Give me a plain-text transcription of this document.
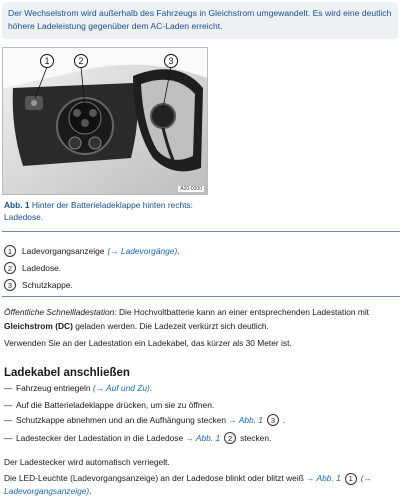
Der Wechselstrom wird außerhalb des Fahrzeugs in Gleichstrom umgewandelt. Es wird eine deutlich höhere Ladeleistung gegenüber dem AC-Laden erreicht.
1	2	3
A20-0300
Abb. 1 Hinter der Batterieladeklappe hinten rechts: Ladedose.
1	Ladevorgangsanzeige (→ Ladevorgänge) .
2	Ladedose.
3	Schutzkappe.
Öffentliche Schnellladestation: Die Hochvoltbatterie kann an einer entsprechenden Ladestation mit Gleichstrom (DC) geladen werden. Die Ladezeit verkürzt sich deutlich.
Verwenden Sie an der Ladestation ein Ladekabel, das kürzer als 30 Meter ist.
Ladekabel anschließen
— Fahrzeug entriegeln
(→ Auf und Zu) .
— Auf die Batterieladeklappe drücken, um sie zu öffnen.
— Schutzkappe abnehmen und an die Aufhängung stecken
→ Abb. 1	3 .
— Ladestecker der Ladestation in die Ladedose
→ Abb. 1	2 stecken.
Der Ladestecker wird automatisch verriegelt.
Die LED-Leuchte (Ladevorgangsanzeige) an der Ladedose blinkt oder blitzt weiß → Abb. 1 1 (→ Ladevorgangsanzeige).
